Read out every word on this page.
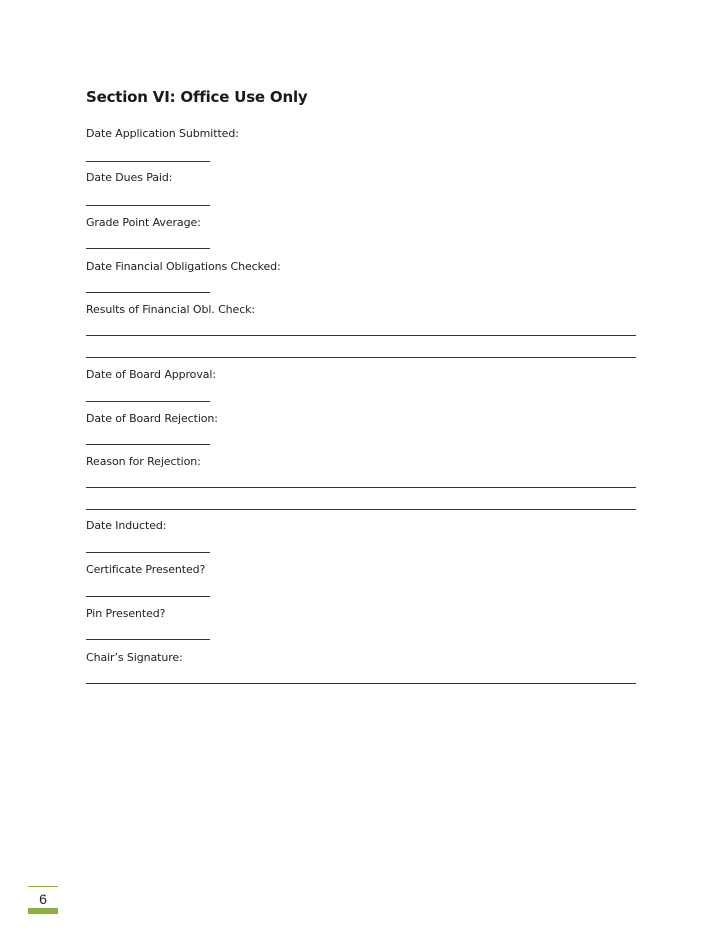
Section VI: Office Use Only
Date Application Submitted:
Date Dues Paid:
Grade Point Average:
Date Financial Obligations Checked:
Results of Financial Obl. Check:
Date of Board Approval:
Date of Board Rejection:
Reason for Rejection:
Date Inducted:
Certificate Presented?
Pin Presented?
Chair’s Signature:
6
